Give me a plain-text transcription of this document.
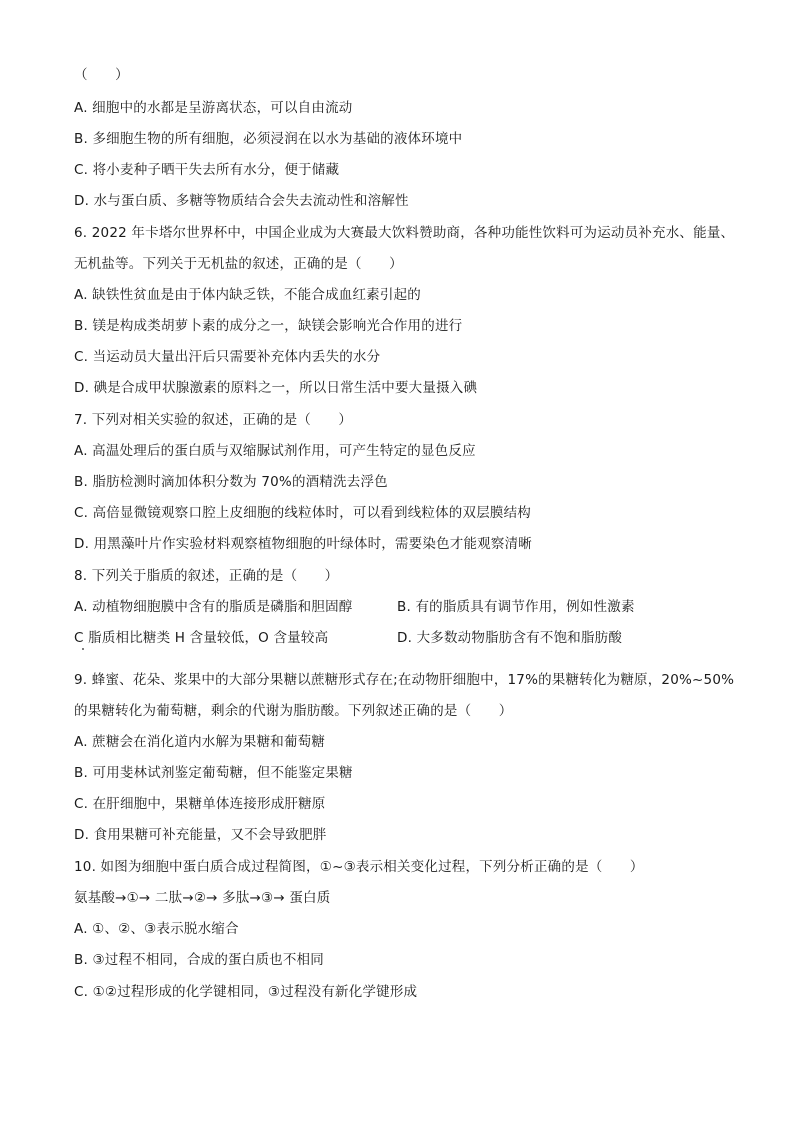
（　　）
A. 细胞中的水都是呈游离状态，可以自由流动
B. 多细胞生物的所有细胞，必须浸润在以水为基础的液体环境中
C. 将小麦种子晒干失去所有水分，便于储藏
D. 水与蛋白质、多糖等物质结合会失去流动性和溶解性
6. 2022 年卡塔尔世界杯中，中国企业成为大赛最大饮料赞助商，各种功能性饮料可为运动员补充水、能量、
无机盐等。下列关于无机盐的叙述，正确的是（　　）
A. 缺铁性贫血是由于体内缺乏铁，不能合成血红素引起的
B. 镁是构成类胡萝卜素的成分之一，缺镁会影响光合作用的进行
C. 当运动员大量出汗后只需要补充体内丢失的水分
D. 碘是合成甲状腺激素的原料之一，所以日常生活中要大量摄入碘
7. 下列对相关实验的叙述，正确的是（　　）
A. 高温处理后的蛋白质与双缩脲试剂作用，可产生特定的显色反应
B. 脂肪检测时滴加体积分数为 70%的酒精洗去浮色
C. 高倍显微镜观察口腔上皮细胞的线粒体时，可以看到线粒体的双层膜结构
D. 用黑藻叶片作实验材料观察植物细胞的叶绿体时，需要染色才能观察清晰
8. 下列关于脂质的叙述，正确的是（　　）
A. 动植物细胞膜中含有的脂质是磷脂和胆固醇	B. 有的脂质具有调节作用，例如性激素
C 脂质相比糖类 H 含量较低，O 含量较高	D. 大多数动物脂肪含有不饱和脂肪酸
9. 蜂蜜、花朵、浆果中的大部分果糖以蔗糖形式存在;在动物肝细胞中，17%的果糖转化为糖原，20%~50%
的果糖转化为葡萄糖，剩余的代谢为脂肪酸。下列叙述正确的是（　　）
A. 蔗糖会在消化道内水解为果糖和葡萄糖
B. 可用斐林试剂鉴定葡萄糖，但不能鉴定果糖
C. 在肝细胞中，果糖单体连接形成肝糖原
D. 食用果糖可补充能量，又不会导致肥胖
10. 如图为细胞中蛋白质合成过程简图，①~③表示相关变化过程，下列分析正确的是（　　）
氨基酸→①→ 二肽→②→ 多肽→③→ 蛋白质
A. ①、②、③表示脱水缩合
B. ③过程不相同，合成的蛋白质也不相同
C. ①②过程形成的化学键相同，③过程没有新化学键形成
